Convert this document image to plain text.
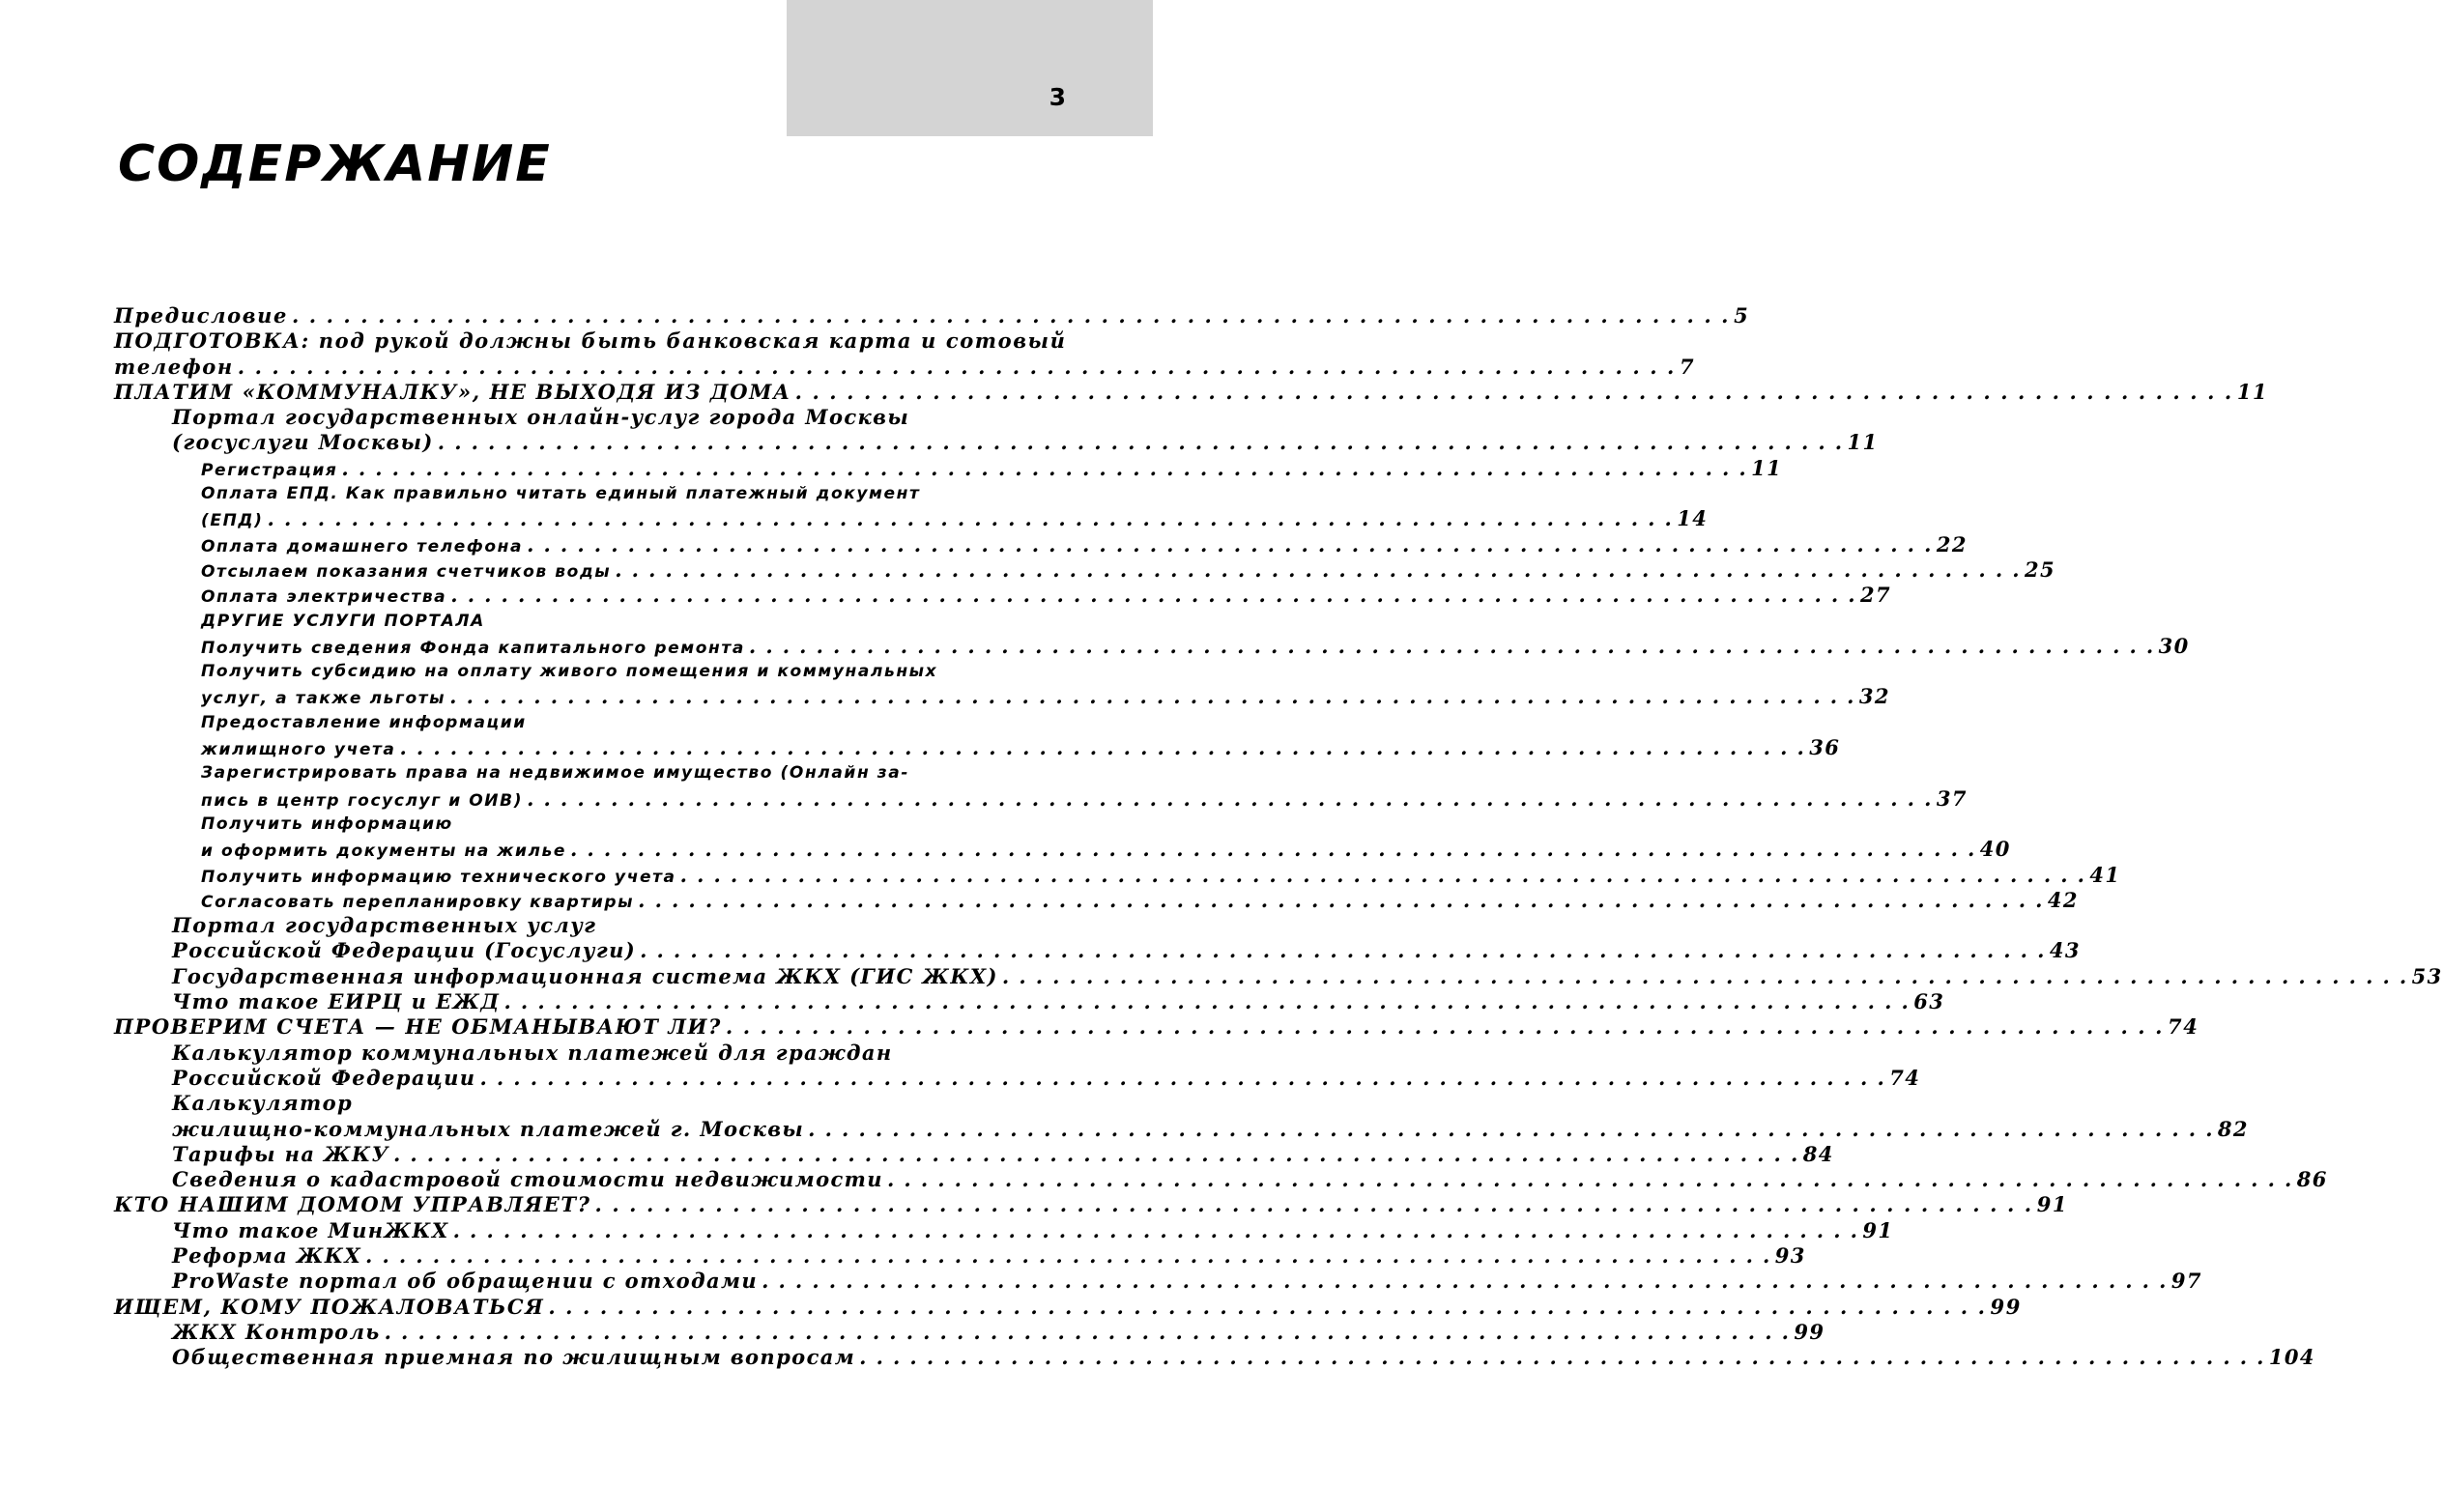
3
СОДЕРЖАНИЕ
Предисловие . . .	5
ПОДГОТОВКА: под рукой должны быть банковская карта и сотовый
телефон . . .	7
ПЛАТИМ «КОММУНАЛКУ», НЕ ВЫХОДЯ ИЗ ДОМА . . .	11
Портал государственных онлайн-услуг города Москвы
(госуслуги Москвы) . . .	11
Регистрация . . .	11
Оплата ЕПД. Как правильно читать единый платежный документ
(ЕПД) . . .	14
Оплата домашнего телефона . . .	22
Отсылаем показания счетчиков воды . . .	25
Оплата электричества . . .	27
ДРУГИЕ УСЛУГИ ПОРТАЛА
Получить сведения Фонда капитального ремонта . . .	30
Получить субсидию на оплату живого помещения и коммунальных
услуг, а также льготы . . .	32
Предоставление информации
жилищного учета . . .	36
Зарегистрировать права на недвижимое имущество (Онлайн за-
пись в центр госуслуг и ОИВ) . . .	37
Получить информацию
и оформить документы на жилье . . .	40
Получить информацию технического учета . . .	41
Согласовать перепланировку квартиры . . .	42
Портал государственных услуг
Российской Федерации (Госуслуги) . . .	43
Государственная информационная система ЖКХ (ГИС ЖКХ) . . .	53
Что такое ЕИРЦ и ЕЖД . . .	63
ПРОВЕРИМ СЧЕТА — НЕ ОБМАНЫВАЮТ ЛИ? . . .	74
Калькулятор коммунальных платежей для граждан
Российской Федерации . . .	74
Калькулятор
жилищно-коммунальных платежей г. Москвы . . .	82
Тарифы на ЖКУ . . .	84
Сведения о кадастровой стоимости недвижимости . . .	86
КТО НАШИМ ДОМОМ УПРАВЛЯЕТ? . . .	91
Что такое МинЖКХ . . .	91
Реформа ЖКХ . . .	93
ProWaste портал об обращении с отходами . . .	97
ИЩЕМ, КОМУ ПОЖАЛОВАТЬСЯ . . .	99
ЖКХ Контроль . . .	99
Общественная приемная по жилищным вопросам . . .	104
